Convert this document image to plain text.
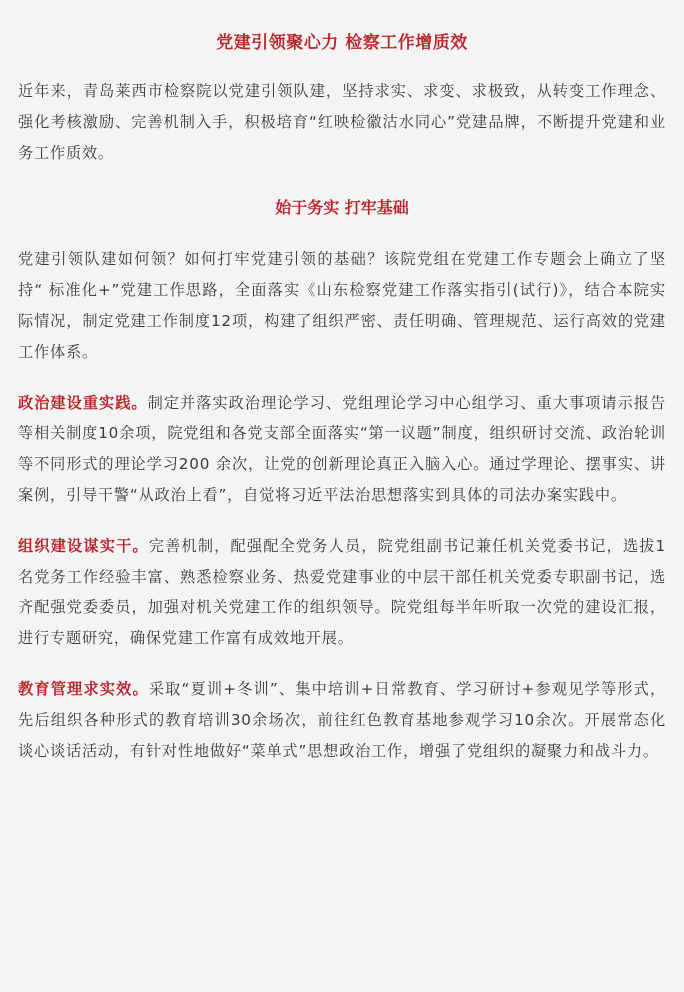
党建引领聚心力 检察工作增质效

近年来，青岛莱西市检察院以党建引领队建，坚持求实、求变、求极致，从转变工作理念、强化考核激励、完善机制入手，积极培育“红映检徽沽水同心”党建品牌，不断提升党建和业务工作质效。

始于务实 打牢基础

党建引领队建如何领？如何打牢党建引领的基础？该院党组在党建工作专题会上确立了坚持“ 标准化+”党建工作思路，全面落实《山东检察党建工作落实指引(试行)》，结合本院实际情况，制定党建工作制度12项，构建了组织严密、责任明确、管理规范、运行高效的党建工作体系。

政治建设重实践。制定并落实政治理论学习、党组理论学习中心组学习、重大事项请示报告等相关制度10余项，院党组和各党支部全面落实“第一议题”制度，组织研讨交流、政治轮训等不同形式的理论学习200 余次，让党的创新理论真正入脑入心。通过学理论、摆事实、讲案例，引导干警“从政治上看”，自觉将习近平法治思想落实到具体的司法办案实践中。

组织建设谋实干。完善机制，配强配全党务人员，院党组副书记兼任机关党委书记，选拔1 名党务工作经验丰富、熟悉检察业务、热爱党建事业的中层干部任机关党委专职副书记，选齐配强党委委员，加强对机关党建工作的组织领导。院党组每半年听取一次党的建设汇报，进行专题研究，确保党建工作富有成效地开展。

教育管理求实效。采取“夏训+冬训”、集中培训+日常教育、学习研讨+参观见学等形式，先后组织各种形式的教育培训30余场次，前往红色教育基地参观学习10余次。开展常态化谈心谈话活动，有针对性地做好“菜单式”思想政治工作，增强了党组织的凝聚力和战斗力。
